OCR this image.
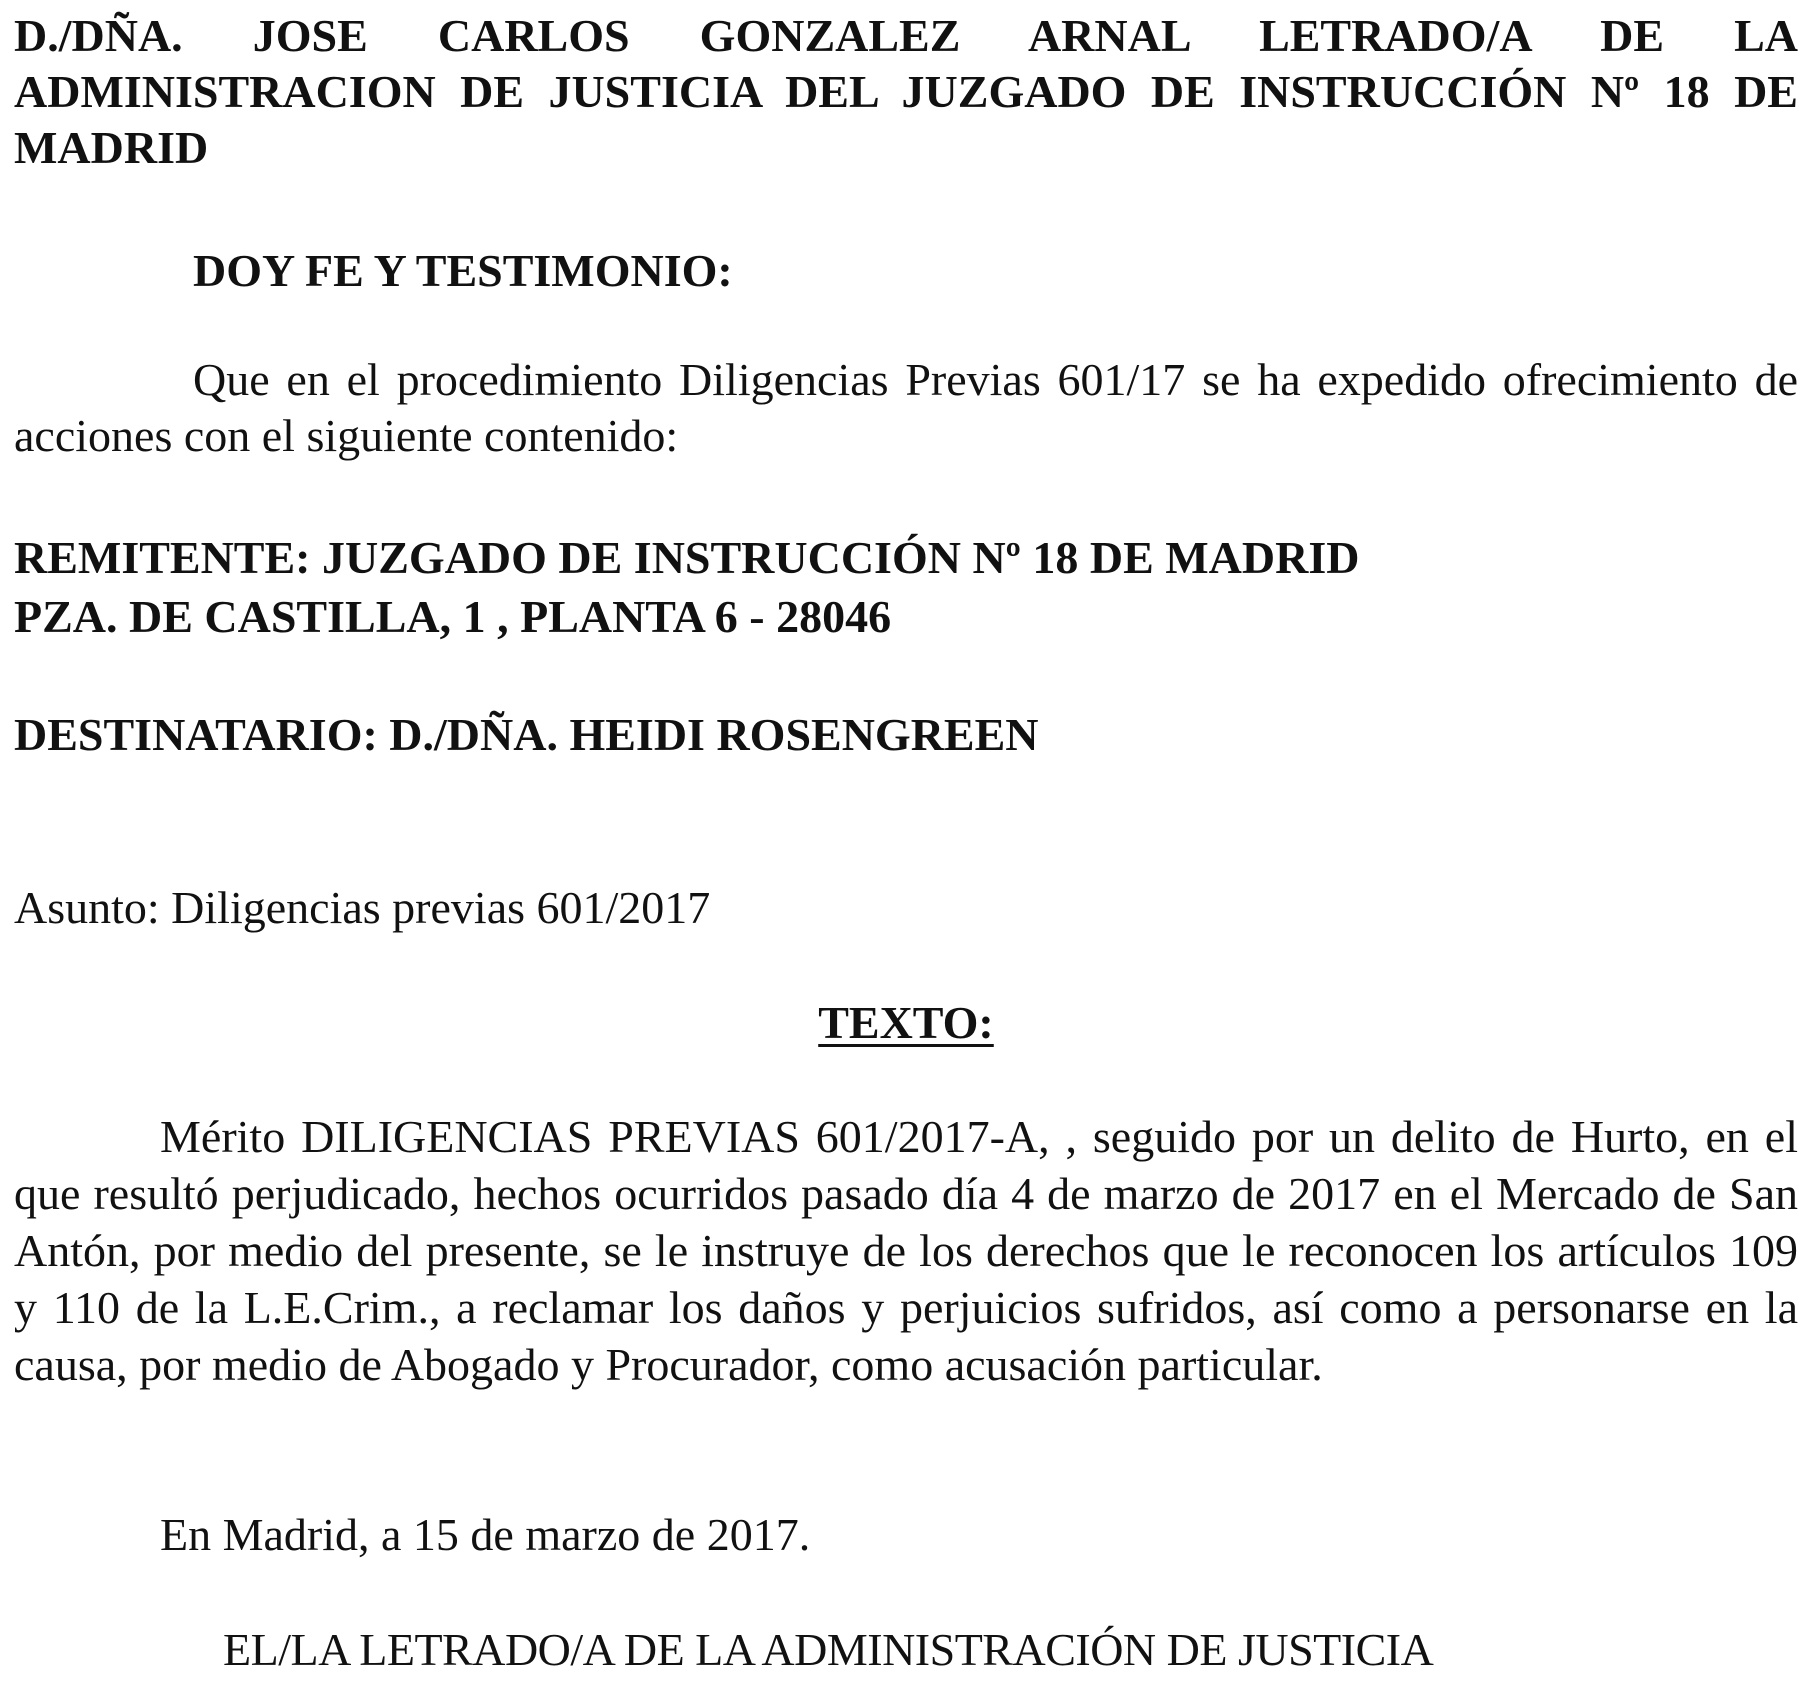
D./DÑA. JOSE CARLOS GONZALEZ ARNAL LETRADO/A DE LA ADMINISTRACION DE JUSTICIA DEL JUZGADO DE INSTRUCCIÓN Nº 18 DE MADRID

DOY FE Y TESTIMONIO:

Que en el procedimiento Diligencias Previas 601/17 se ha expedido ofrecimiento de acciones con el siguiente contenido:

REMITENTE: JUZGADO DE INSTRUCCIÓN Nº 18 DE MADRID
PZA. DE CASTILLA, 1 , PLANTA 6 - 28046

DESTINATARIO: D./DÑA. HEIDI ROSENGREEN

Asunto: Diligencias previas 601/2017

TEXTO:

Mérito DILIGENCIAS PREVIAS 601/2017-A, , seguido por un delito de Hurto, en el que resultó perjudicado, hechos ocurridos pasado día 4 de marzo de 2017 en el Mercado de San Antón, por medio del presente, se le instruye de los derechos que le reconocen los artículos 109 y 110 de la L.E.Crim., a reclamar los daños y perjuicios sufridos, así como a personarse en la causa, por medio de Abogado y Procurador, como acusación particular.

En Madrid, a 15 de marzo de 2017.

EL/LA LETRADO/A DE LA ADMINISTRACIÓN DE JUSTICIA
